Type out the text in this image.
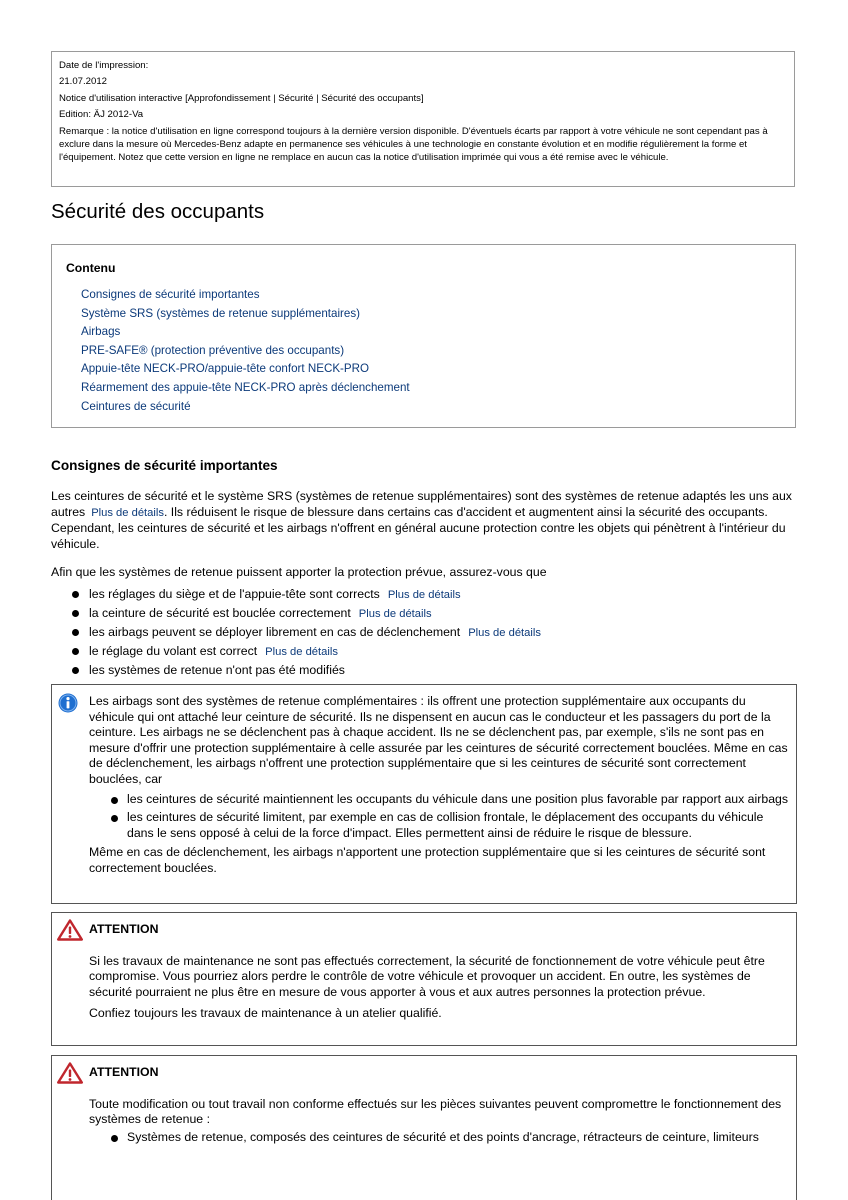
Date de l'impression:

21.07.2012

Notice d'utilisation interactive [Approfondissement | Sécurité | Sécurité des occupants]

Edition: ÄJ 2012-Va

Remarque : la notice d'utilisation en ligne correspond toujours à la dernière version disponible. D'éventuels écarts par rapport à votre véhicule ne sont cependant pas à exclure dans la mesure où Mercedes-Benz adapte en permanence ses véhicules à une technologie en constante évolution et en modifie régulièrement la forme et l'équipement. Notez que cette version en ligne ne remplace en aucun cas la notice d'utilisation imprimée qui vous a été remise avec le véhicule.

Sécurité des occupants
Contenu
Consignes de sécurité importantes
Système SRS (systèmes de retenue supplémentaires)
Airbags
PRE-SAFE® (protection préventive des occupants)
Appuie-tête NECK-PRO/appuie-tête confort NECK-PRO
Réarmement des appuie-tête NECK-PRO après déclenchement
Ceintures de sécurité
Consignes de sécurité importantes

Les ceintures de sécurité et le système SRS (systèmes de retenue supplémentaires) sont des systèmes de retenue adaptés les uns aux autres Plus de détails. Ils réduisent le risque de blessure dans certains cas d'accident et augmentent ainsi la sécurité des occupants. Cependant, les ceintures de sécurité et les airbags n'offrent en général aucune protection contre les objets qui pénètrent à l'intérieur du véhicule.

Afin que les systèmes de retenue puissent apporter la protection prévue, assurez-vous que

les réglages du siège et de l'appuie-tête sont corrects Plus de détails
la ceinture de sécurité est bouclée correctement Plus de détails
les airbags peuvent se déployer librement en cas de déclenchement Plus de détails
le réglage du volant est correct Plus de détails
les systèmes de retenue n'ont pas été modifiés

Les airbags sont des systèmes de retenue complémentaires : ils offrent une protection supplémentaire aux occupants du véhicule qui ont attaché leur ceinture de sécurité. Ils ne dispensent en aucun cas le conducteur et les passagers du port de la ceinture. Les airbags ne se déclenchent pas à chaque accident. Ils ne se déclenchent pas, par exemple, s'ils ne sont pas en mesure d'offrir une protection supplémentaire à celle assurée par les ceintures de sécurité correctement bouclées. Même en cas de déclenchement, les airbags n'offrent une protection supplémentaire que si les ceintures de sécurité sont correctement bouclées, car

les ceintures de sécurité maintiennent les occupants du véhicule dans une position plus favorable par rapport aux airbags
les ceintures de sécurité limitent, par exemple en cas de collision frontale, le déplacement des occupants du véhicule dans le sens opposé à celui de la force d'impact. Elles permettent ainsi de réduire le risque de blessure.

Même en cas de déclenchement, les airbags n'apportent une protection supplémentaire que si les ceintures de sécurité sont correctement bouclées.

ATTENTION

Si les travaux de maintenance ne sont pas effectués correctement, la sécurité de fonctionnement de votre véhicule peut être compromise. Vous pourriez alors perdre le contrôle de votre véhicule et provoquer un accident. En outre, les systèmes de sécurité pourraient ne plus être en mesure de vous apporter à vous et aux autres personnes la protection prévue.

Confiez toujours les travaux de maintenance à un atelier qualifié.

ATTENTION

Toute modification ou tout travail non conforme effectués sur les pièces suivantes peuvent compromettre le fonctionnement des systèmes de retenue :

Systèmes de retenue, composés des ceintures de sécurité et des points d'ancrage, rétracteurs de ceinture, limiteurs
